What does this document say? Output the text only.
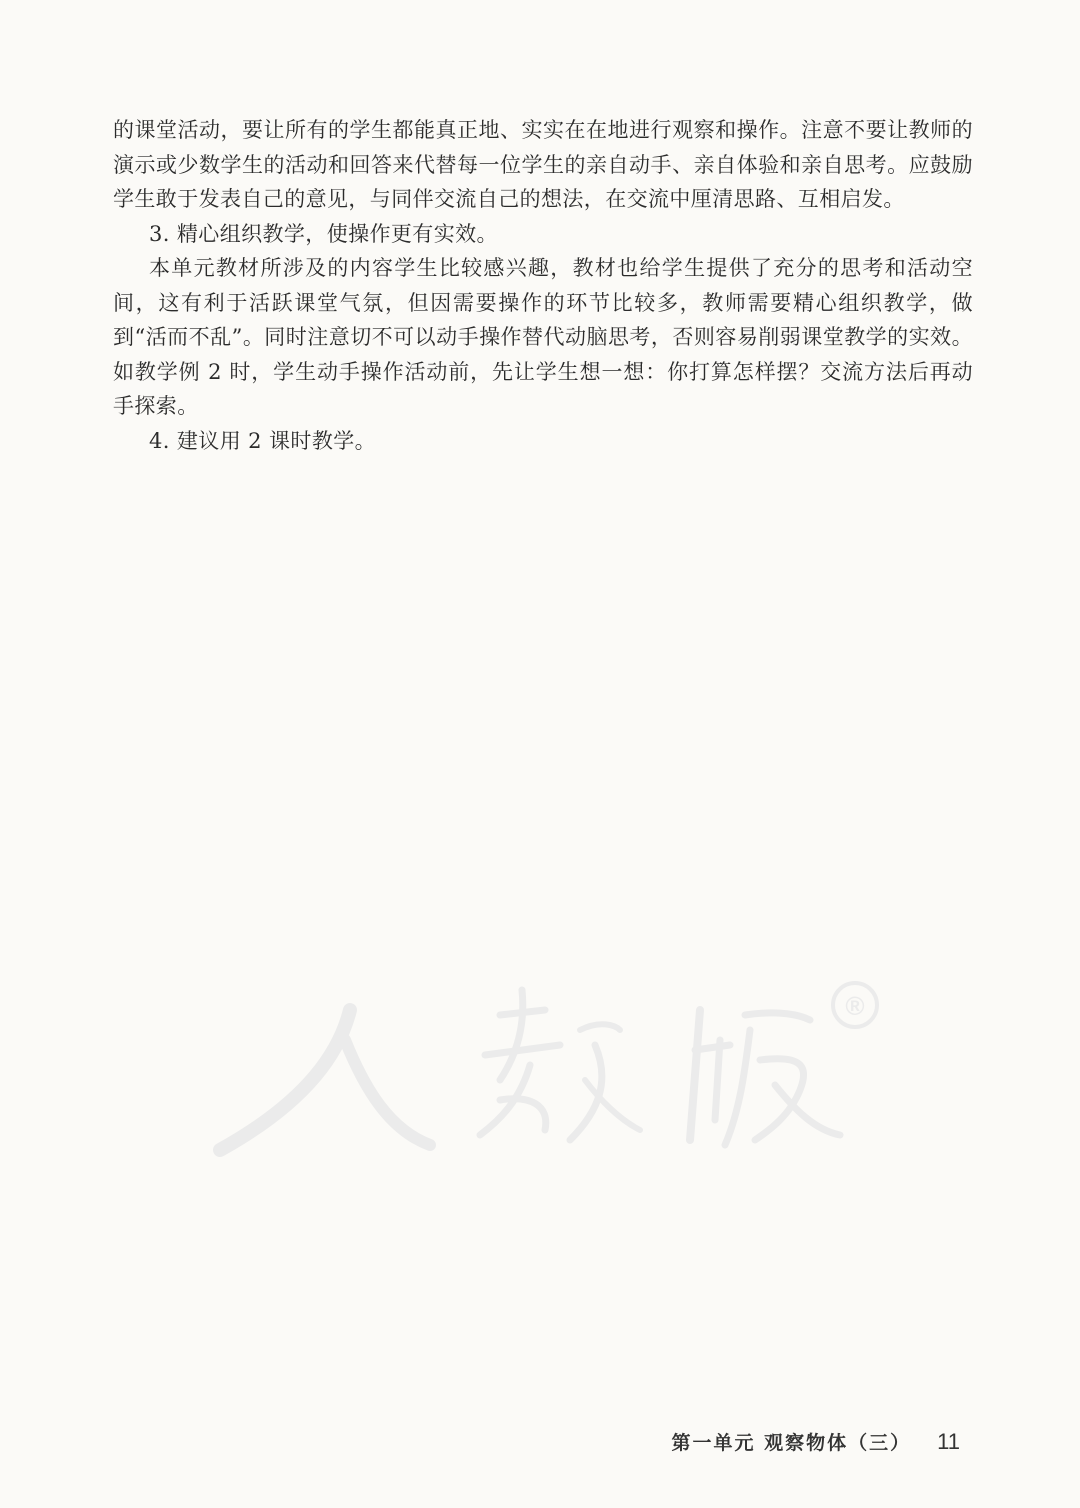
的课堂活动，要让所有的学生都能真正地、实实在在地进行观察和操作。注意不要让教师的演示或少数学生的活动和回答来代替每一位学生的亲自动手、亲自体验和亲自思考。应鼓励学生敢于发表自己的意见，与同伴交流自己的想法，在交流中厘清思路、互相启发。

3. 精心组织教学，使操作更有实效。

本单元教材所涉及的内容学生比较感兴趣，教材也给学生提供了充分的思考和活动空间，这有利于活跃课堂气氛，但因需要操作的环节比较多，教师需要精心组织教学，做到“活而不乱”。同时注意切不可以动手操作替代动脑思考，否则容易削弱课堂教学的实效。如教学例 2 时，学生动手操作活动前，先让学生想一想：你打算怎样摆？交流方法后再动手探索。

4. 建议用 2 课时教学。

®
第一单元 观察物体（三） 11
